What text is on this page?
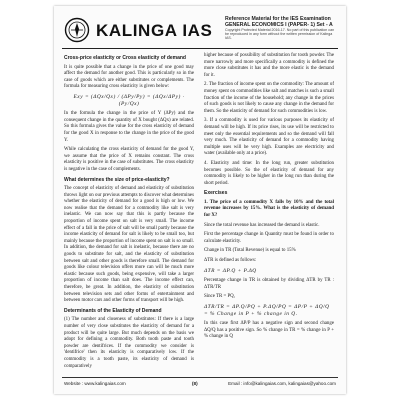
KALINGA IAS
Reference Material for the IES Examination
GENERAL ECONOMICS I (PAPER- 1) Set - A
Copyright Protected Material 2016-17. No part of this publication can be reproduced in any form without the written permission of Kalinga IAS.
Cross-price elasticity or Cross elasticity of demand

It is quite possible that a change in the price of one good may affect the demand for another good. This is particularly so in the case of goods which are either substitutes or complements. The formula for measuring cross elasticity is given below:

Exy = (ΔQx/Qx) / (ΔPy/Py) = (ΔQx/ΔPy) · (Py/Qx)

In the formula the change in the price of Y (ΔPy) and the consequent change in the quantity of X bought (ΔQx) are related. So this formula gives the value for the cross elasticity of demand for the good X in response to the change in the price of the good Y.

While calculating the cross elasticity of demand for the good Y, we assume that the price of X remains constant. The cross elasticity is positive in the case of substitutes. The cross elasticity is negative in the case of complements.

What determines the size of price-elasticity?

The concept of elasticity of demand and elasticity of substitution throws light on our previous attempts to discover what determines whether the elasticity of demand for a good is high or low. We now realise that the demand for a commodity like salt is very inelastic. We can now say that this is partly because the proportion of income spent on salt is very small. The income effect of a fall in the price of salt will be small partly because the income elasticity of demand for salt is likely to be small too, but mainly because the proportion of income spent on salt is so small. In addition, the demand for salt is inelastic, because there are no goods to substitute for salt, and the elasticity of substitution between salt and other goods is therefore small. The demand for goods like colour television offers more can will be much more elastic because such goods, being expensive, will take a larger proportion of income than salt does. The income effect can, therefore, be great. In addition, the elasticity of substitution between television sets and other forms of entertainment and between motor cars and other forms of transport will be high.

Determinants of the Elasticity of Demand

(1) The number and closeness of substitutes: If there is a large number of very close substitutes the elasticity of demand for a product will be quite large. But much depends on the basis we adopt for defining a commodity. Both tooth paste and tooth powder are dentifrices. If the commodity we consider is 'dentifrice' then its elasticity is comparatively low. If the commodity is a tooth paste, its elasticity of demand is comparatively

higher because of possibility of substitution for tooth powder. The more narrowly and more specifically a commodity is defined the more close substitutes it has and the more elastic is the demand for it.

2. The fraction of income spent on the commodity: The amount of money spent on commodities like salt and matches is such a small fraction of the income of the household; any change in the prices of such goods is not likely to cause any change in the demand for them. So the elasticity of demand for such commodities is low.

3. If a commodity is used for various purposes its elasticity of demand will be high. If its price rises, its use will be restricted to meet only the essential requirements and so the demand will fall very much. The elasticity of demand for a commodity having multiple uses will be very high. Examples are electricity and water (available only at a price).

4. Elasticity and time: In the long run, greater substitution becomes possible. So the of elasticity of demand for any commodity is likely to be higher in the long run than during the short period.

Exercises

1. The price of a commodity X falls by 10% and the total revenue increases by 15%. What is the elasticity of demand for X?

Since the total revenue has increased the demand is elastic.

First the percentage change in Quantity must be found in order to calculate elasticity.

Change in TR (Total Revenue) is equal to 15%

ΔTR is defined as follows:

ΔTR = ΔP.Q + P.ΔQ

Percentage change in TR is obtained by dividing ΔTR by TR : ΔTR/TR

Since TR = PQ,

ΔTR/TR = ΔP.Q/PQ + P.ΔQ/PQ = ΔP/P + ΔQ/Q = % Change in P + % change in Q.

In this case first ΔP/P has a negative sign and second change ΔQ/Q has a positive sign. So % change in TR = % change in P + % change in Q

Website : www.kalingaias.com	(8)	Email : info@kalingaias.com, kalingaias@yahoo.com
